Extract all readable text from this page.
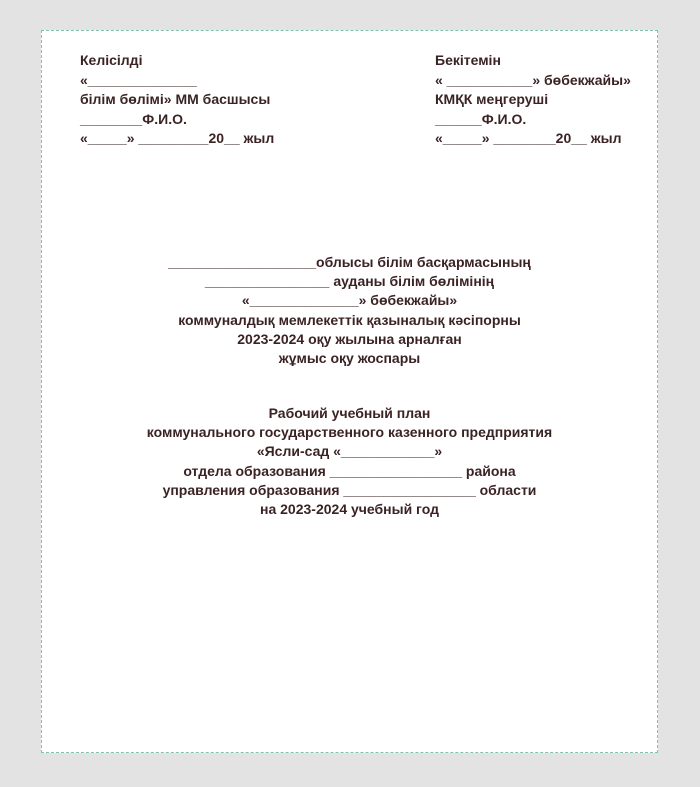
Келісілді
«______________
білім бөлімі» ММ басшысы
________Ф.И.О.
«_____» _________20__ жыл
Бекітемін
« ___________» бөбекжайы»
КМҚК меңгеруші
______Ф.И.О.
«_____» ________20__ жыл
___________________облысы білім басқармасының
________________ ауданы білім бөлімінің
«______________» бөбекжайы»
коммуналдық мемлекеттік қазыналық кәсіпорны
2023-2024 оқу жылына арналған
жұмыс оқу жоспары
Рабочий учебный план
коммунального государственного казенного предприятия
«Ясли-сад «____________»
отдела образования _________________ района
управления образования _________________ области
на 2023-2024 учебный год
